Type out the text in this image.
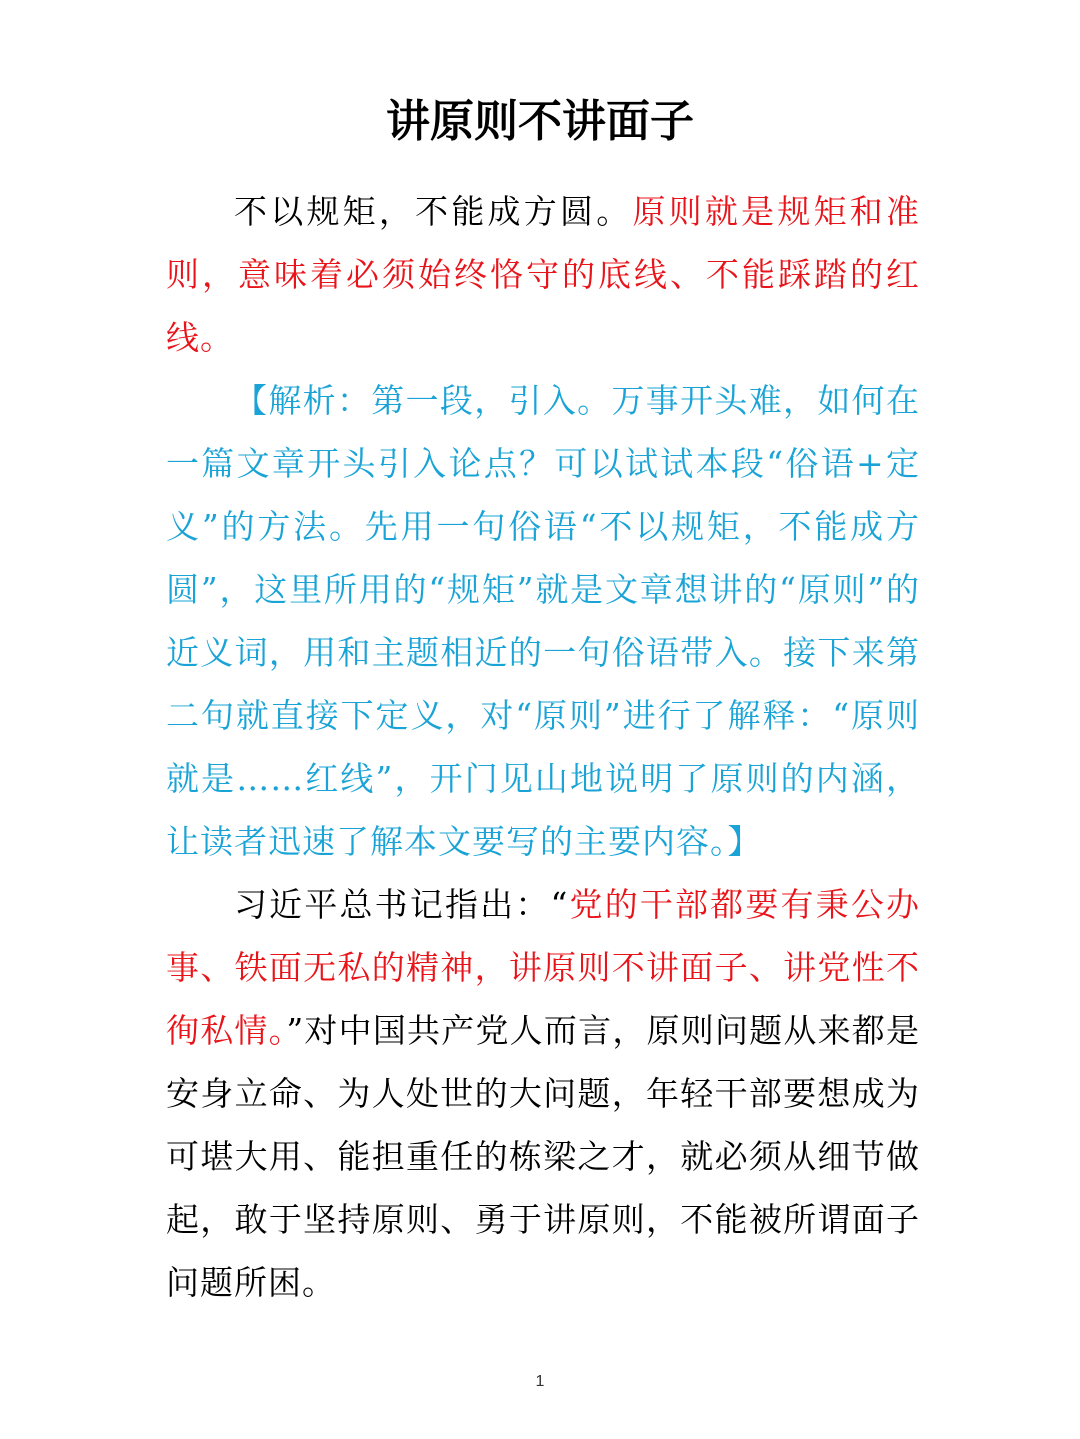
讲原则不讲面子

不以规矩，不能成方圆。原则就是规矩和准则，意味着必须始终恪守的底线、不能踩踏的红线。

【解析：第一段，引入。万事开头难，如何在一篇文章开头引入论点？可以试试本段“俗语+定义”的方法。先用一句俗语“不以规矩，不能成方圆”，这里所用的“规矩”就是文章想讲的“原则”的近义词，用和主题相近的一句俗语带入。接下来第二句就直接下定义，对“原则”进行了解释：“原则就是……红线”，开门见山地说明了原则的内涵，让读者迅速了解本文要写的主要内容。】

习近平总书记指出：“党的干部都要有秉公办事、铁面无私的精神，讲原则不讲面子、讲党性不徇私情。”对中国共产党人而言，原则问题从来都是安身立命、为人处世的大问题，年轻干部要想成为可堪大用、能担重任的栋梁之才，就必须从细节做起，敢于坚持原则、勇于讲原则，不能被所谓面子问题所困。

1
